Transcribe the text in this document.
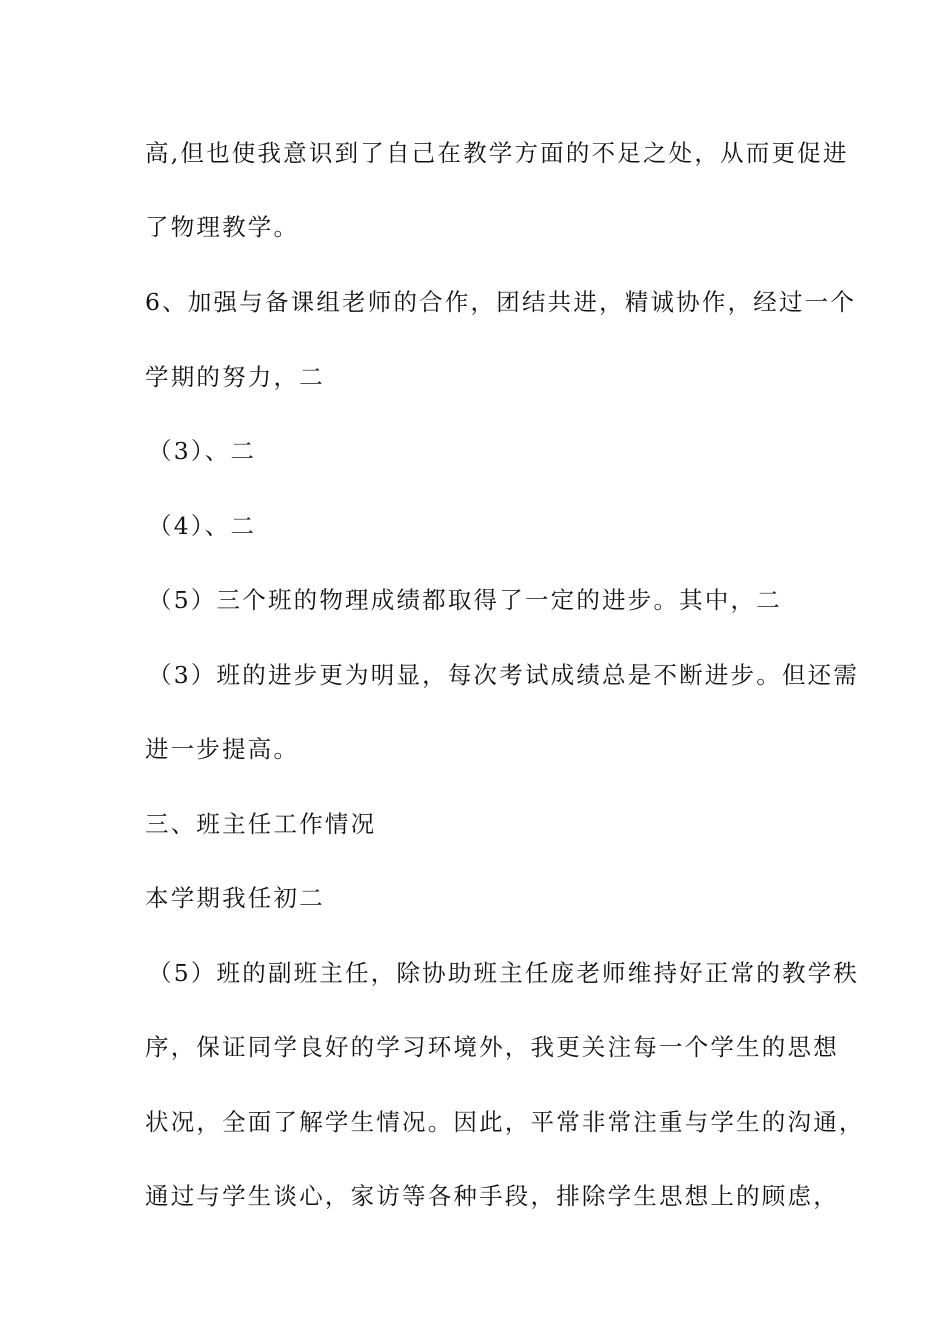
高,但也使我意识到了自己在教学方面的不足之处，从而更促进
了物理教学。
6、加强与备课组老师的合作，团结共进，精诚协作，经过一个
学期的努力，二
（3）、二
（4）、二
（5）三个班的物理成绩都取得了一定的进步。其中，二
（3）班的进步更为明显，每次考试成绩总是不断进步。但还需
进一步提高。
三、班主任工作情况
本学期我任初二
（5）班的副班主任，除协助班主任庞老师维持好正常的教学秩
序，保证同学良好的学习环境外，我更关注每一个学生的思想
状况，全面了解学生情况。因此，平常非常注重与学生的沟通，
通过与学生谈心，家访等各种手段，排除学生思想上的顾虑，
